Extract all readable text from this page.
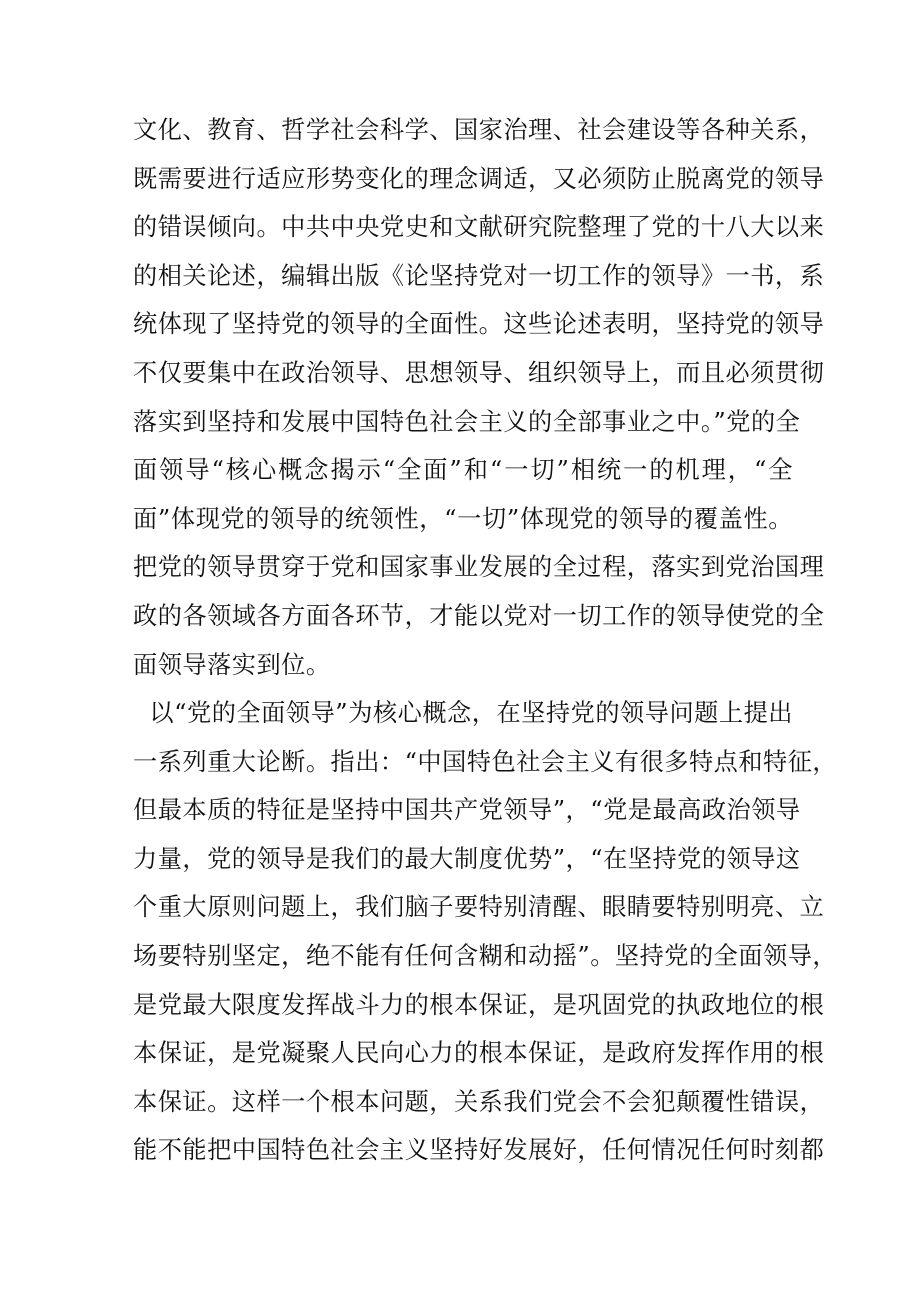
文化、教育、哲学社会科学、国家治理、社会建设等各种关系，
既需要进行适应形势变化的理念调适，又必须防止脱离党的领导
的错误倾向。中共中央党史和文献研究院整理了党的十八大以来
的相关论述，编辑出版《论坚持党对一切工作的领导》一书，系
统体现了坚持党的领导的全面性。这些论述表明，坚持党的领导
不仅要集中在政治领导、思想领导、组织领导上，而且必须贯彻
落实到坚持和发展中国特色社会主义的全部事业之中。”党的全
面领导“核心概念揭示“全面”和“一切”相统一的机理，“全
面”体现党的领导的统领性，“一切”体现党的领导的覆盖性。
把党的领导贯穿于党和国家事业发展的全过程，落实到党治国理
政的各领域各方面各环节，才能以党对一切工作的领导使党的全
面领导落实到位。
以“党的全面领导”为核心概念，在坚持党的领导问题上提出
一系列重大论断。指出：“中国特色社会主义有很多特点和特征，
但最本质的特征是坚持中国共产党领导”，“党是最高政治领导
力量，党的领导是我们的最大制度优势”，“在坚持党的领导这
个重大原则问题上，我们脑子要特别清醒、眼睛要特别明亮、立
场要特别坚定，绝不能有任何含糊和动摇”。坚持党的全面领导，
是党最大限度发挥战斗力的根本保证，是巩固党的执政地位的根
本保证，是党凝聚人民向心力的根本保证，是政府发挥作用的根
本保证。这样一个根本问题，关系我们党会不会犯颠覆性错误，
能不能把中国特色社会主义坚持好发展好，任何情况任何时刻都
